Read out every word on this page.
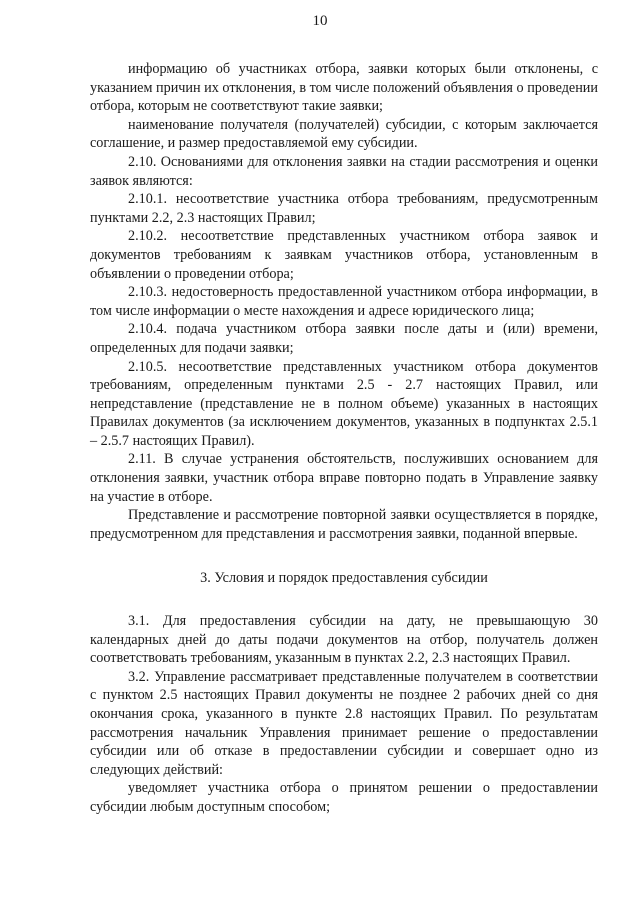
10

информацию об участниках отбора, заявки которых были отклонены, с указанием причин их отклонения, в том числе положений объявления о проведении отбора, которым не соответствуют такие заявки;

наименование получателя (получателей) субсидии, с которым заключается соглашение, и размер предоставляемой ему субсидии.

2.10. Основаниями для отклонения заявки на стадии рассмотрения и оценки заявок являются:

2.10.1. несоответствие участника отбора требованиям, предусмотренным пунктами 2.2, 2.3 настоящих Правил;

2.10.2. несоответствие представленных участником отбора заявок и документов требованиям к заявкам участников отбора, установленным в объявлении о проведении отбора;

2.10.3. недостоверность предоставленной участником отбора информации, в том числе информации о месте нахождения и адресе юридического лица;

2.10.4. подача участником отбора заявки после даты и (или) времени, определенных для подачи заявки;

2.10.5. несоответствие представленных участником отбора документов требованиям, определенным пунктами 2.5 - 2.7 настоящих Правил, или непредставление (представление не в полном объеме) указанных в настоящих Правилах документов (за исключением документов, указанных в подпунктах 2.5.1 – 2.5.7 настоящих Правил).

2.11. В случае устранения обстоятельств, послуживших основанием для отклонения заявки, участник отбора вправе повторно подать в Управление заявку на участие в отборе.

Представление и рассмотрение повторной заявки осуществляется в порядке, предусмотренном для представления и рассмотрения заявки, поданной впервые.

3. Условия и порядок предоставления субсидии

3.1. Для предоставления субсидии на дату, не превышающую 30 календарных дней до даты подачи документов на отбор, получатель должен соответствовать требованиям, указанным в пунктах 2.2, 2.3 настоящих Правил.

3.2. Управление рассматривает представленные получателем в соответствии с пунктом 2.5 настоящих Правил документы не позднее 2 рабочих дней со дня окончания срока, указанного в пункте 2.8 настоящих Правил. По результатам рассмотрения начальник Управления принимает решение о предоставлении субсидии или об отказе в предоставлении субсидии и совершает одно из следующих действий:

уведомляет участника отбора о принятом решении о предоставлении субсидии любым доступным способом;
